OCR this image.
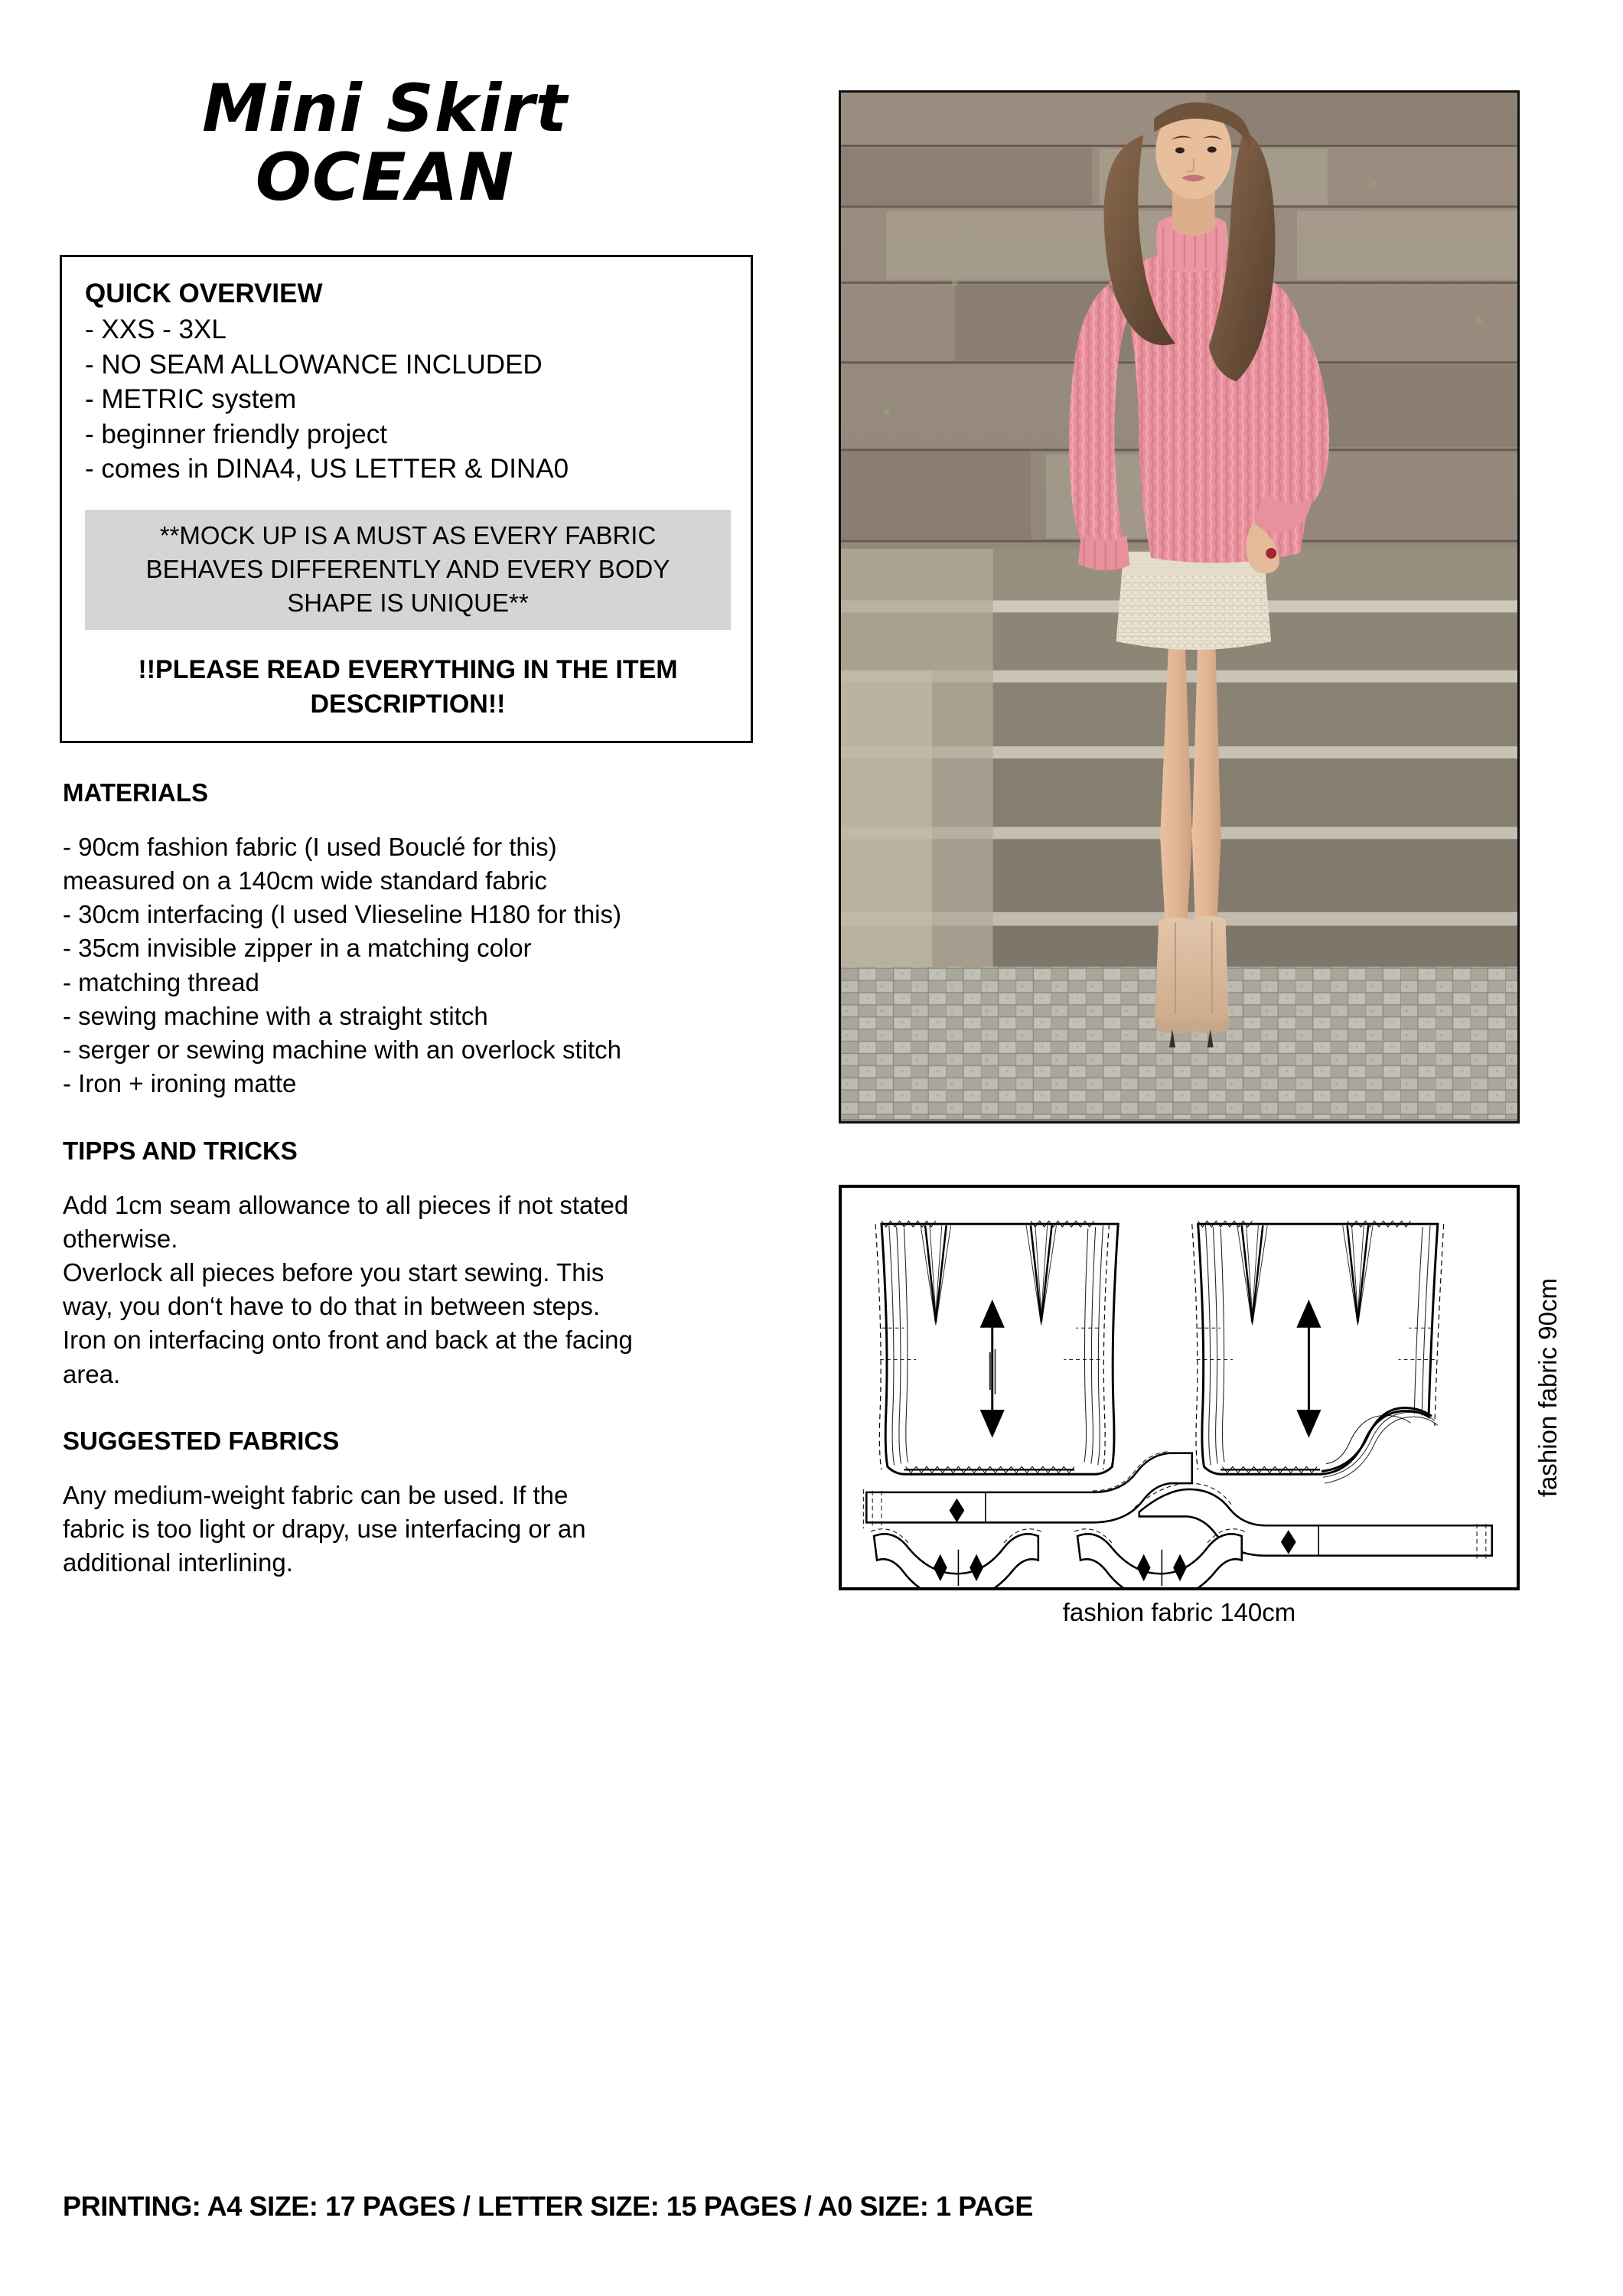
Mini Skirt
OCEAN
QUICK OVERVIEW
- XXS - 3XL
- NO SEAM ALLOWANCE INCLUDED
- METRIC system
- beginner friendly project
- comes in DINA4, US LETTER & DINA0
**MOCK UP IS A MUST AS EVERY FABRIC
BEHAVES DIFFERENTLY AND EVERY BODY
SHAPE IS UNIQUE**
!!PLEASE READ EVERYTHING IN THE ITEM
DESCRIPTION!!
MATERIALS
- 90cm fashion fabric (I used Bouclé for this)
measured on a 140cm wide standard fabric
- 30cm interfacing (I used Vlieseline H180 for this)
- 35cm invisible zipper in a matching color
- matching thread
- sewing machine with a straight stitch
- serger or sewing machine with an overlock stitch
- Iron + ironing matte
TIPPS AND TRICKS
Add 1cm seam allowance to all pieces if not stated
otherwise.
Overlock all pieces before you start sewing. This
way, you don‘t have to do that in between steps.
Iron on interfacing onto front and back at the facing
area.
SUGGESTED FABRICS
Any medium-weight fabric can be used. If the
fabric is too light or drapy, use interfacing or an
additional interlining.
fashion fabric 140cm
fashion fabric 90cm
PRINTING: A4 SIZE: 17 PAGES / LETTER SIZE: 15 PAGES / A0 SIZE: 1 PAGE
